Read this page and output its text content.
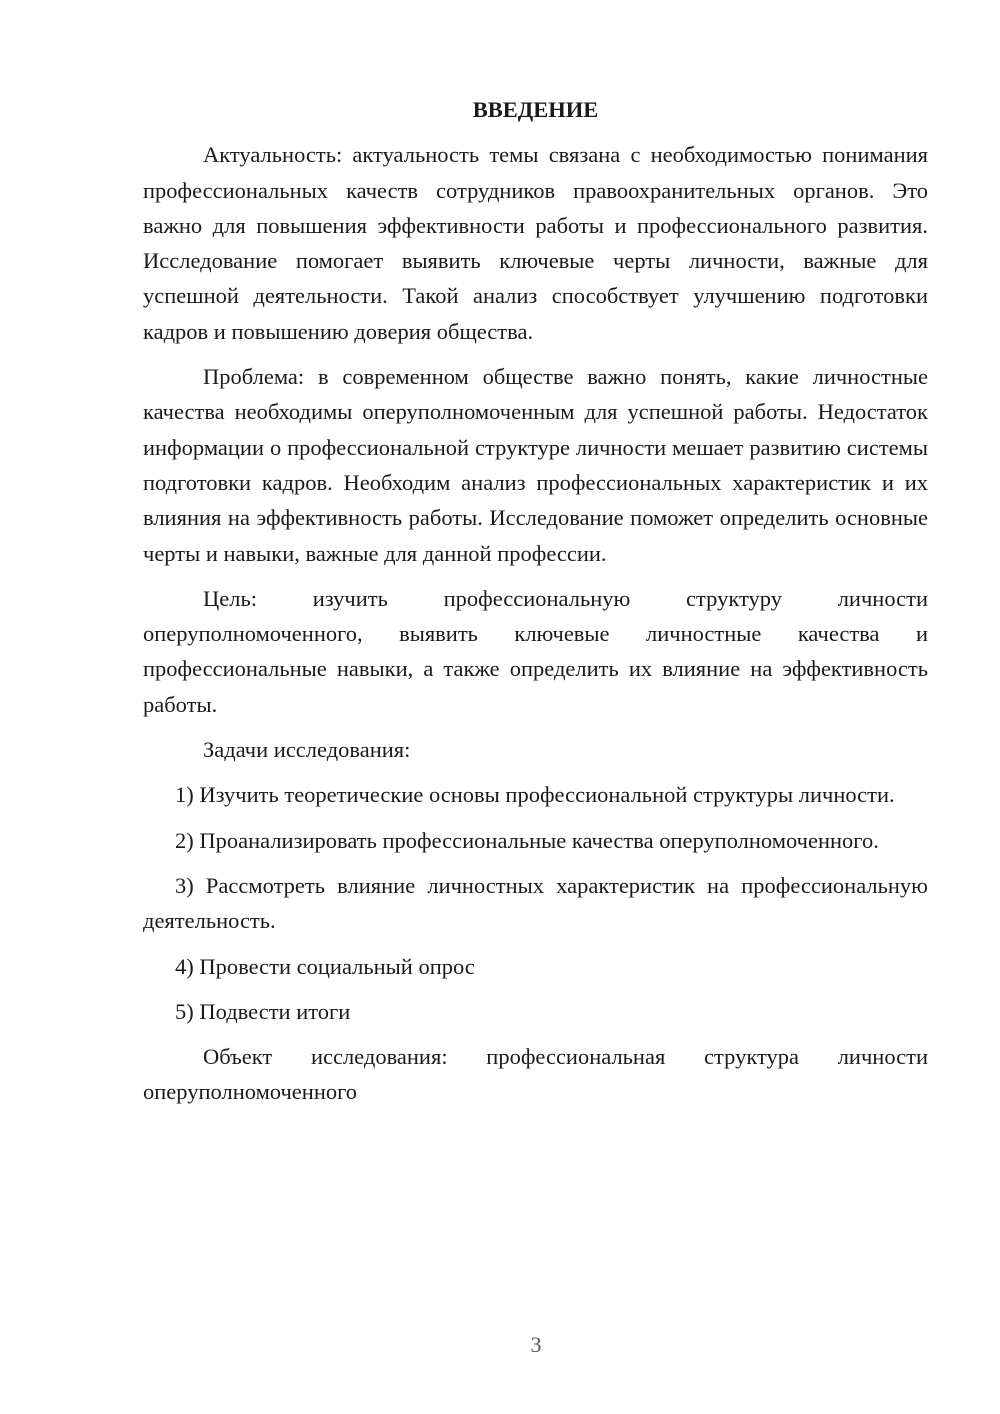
ВВЕДЕНИЕ

Актуальность: актуальность темы связана с необходимостью понимания профессиональных качеств сотрудников правоохранительных органов. Это важно для повышения эффективности работы и профессионального развития. Исследование помогает выявить ключевые черты личности, важные для успешной деятельности. Такой анализ способствует улучшению подготовки кадров и повышению доверия общества.

Проблема: в современном обществе важно понять, какие личностные качества необходимы оперуполномоченным для успешной работы. Недостаток информации о профессиональной структуре личности мешает развитию системы подготовки кадров. Необходим анализ профессиональных характеристик и их влияния на эффективность работы. Исследование поможет определить основные черты и навыки, важные для данной профессии.

Цель: изучить профессиональную структуру личности оперуполномоченного, выявить ключевые личностные качества и профессиональные навыки, а также определить их влияние на эффективность работы.

Задачи исследования:

1) Изучить теоретические основы профессиональной структуры личности.

2) Проанализировать профессиональные качества оперуполномоченного.

3) Рассмотреть влияние личностных характеристик на профессиональную деятельность.

4) Провести социальный опрос

5) Подвести итоги

Объект исследования: профессиональная структура личности оперуполномоченного

3
